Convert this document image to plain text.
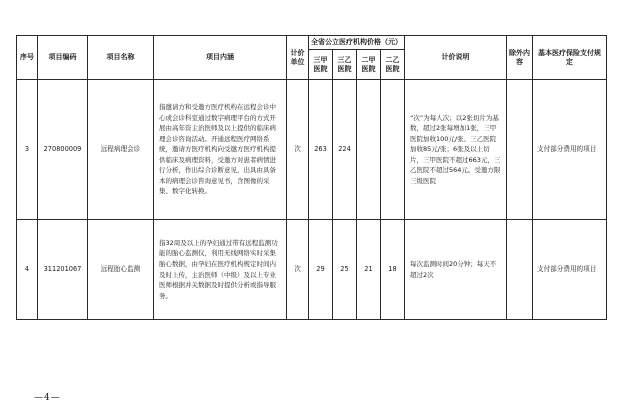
序号	项目编码	项目名称	项目内涵	计价单位	全省公立医疗机构价格（元）				计价说明	除外内容	基本医疗保险支付规定
					三甲医院	三乙医院	二甲医院	二乙医院			
3	270800009	远程病理会诊	指邀请方和受邀方医疗机构在远程会诊中心或会诊科室通过数字病理平台的方式开展由高年资主治医师及以上提供的临床病理会诊咨询活动。开通远程医疗网络系统，邀请方医疗机构向受邀方医疗机构提供临床及病理资料，受邀方对患者病情进行分析，作出综合诊断意见，出具由具备本的病理会诊咨询意见书，含图像的采集、数字化转换。	次	263	224			“次”为每人次；以2张切片为基数，超过2张每增加1张，三甲医院加收100元/张、三乙医院加收85元/张；6张及以上切片，三甲医院不超过663元，三乙医院不超过564元。受邀方限三级医院		支付部分费用的项目
4	311201067	远程胎心监测	指32周及以上的孕妇通过带有远程监测功能的胎心监测仪，利用无线网络实时采集胎心数据，由孕妇在医疗机构规定时间内及时上传，主治医师（中级）及以上专业医师根据并关数据及时提供分析或指导服务。	次	29	25	21	18	每次监测时间20分钟；每天不超过2次		支付部分费用的项目
—4—
